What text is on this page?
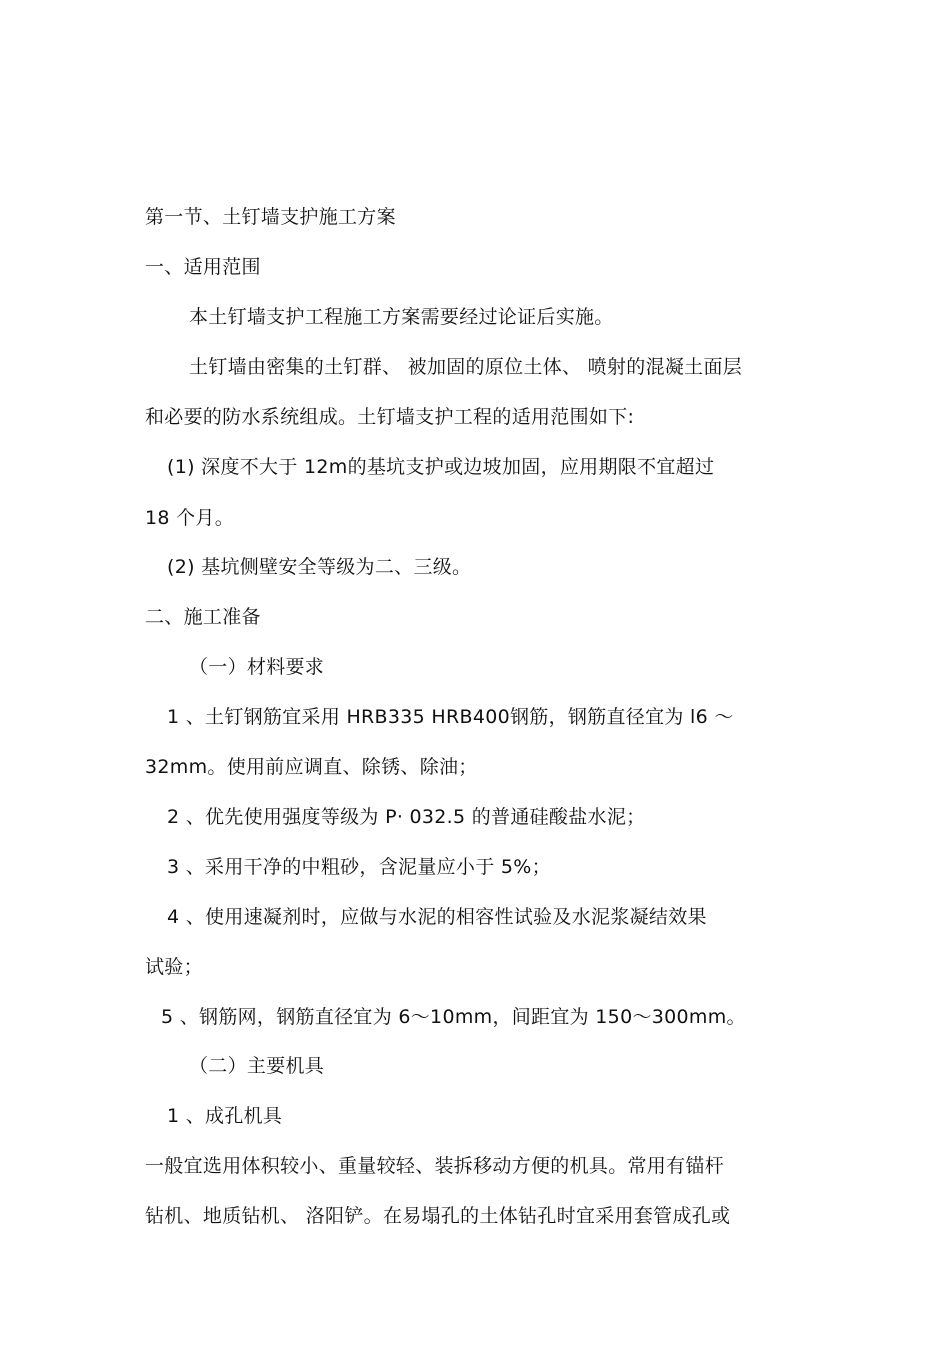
第一节、土钉墙支护施工方案
一、适用范围
本土钉墙支护工程施工方案需要经过论证后实施。
土钉墙由密集的土钉群、 被加固的原位土体、 喷射的混凝土面层
和必要的防水系统组成。土钉墙支护工程的适用范围如下:
(1) 深度不大于 12m的基坑支护或边坡加固，应用期限不宜超过
18 个月。
(2) 基坑侧壁安全等级为二、三级。
二、施工准备
（一）材料要求
1 、土钉钢筋宜采用 HRB335 HRB400钢筋，钢筋直径宜为 l6 ～
32mm。使用前应调直、除锈、除油；
2 、优先使用强度等级为 P· 032.5 的普通硅酸盐水泥；
3 、采用干净的中粗砂，含泥量应小于 5%；
4 、使用速凝剂时，应做与水泥的相容性试验及水泥浆凝结效果
试验；
5 、钢筋网，钢筋直径宜为 6～10mm，间距宜为 150～300mm。
（二）主要机具
1 、成孔机具
一般宜选用体积较小、重量较轻、装拆移动方便的机具。常用有锚杆
钻机、地质钻机、 洛阳铲。在易塌孔的土体钻孔时宜采用套管成孔或
